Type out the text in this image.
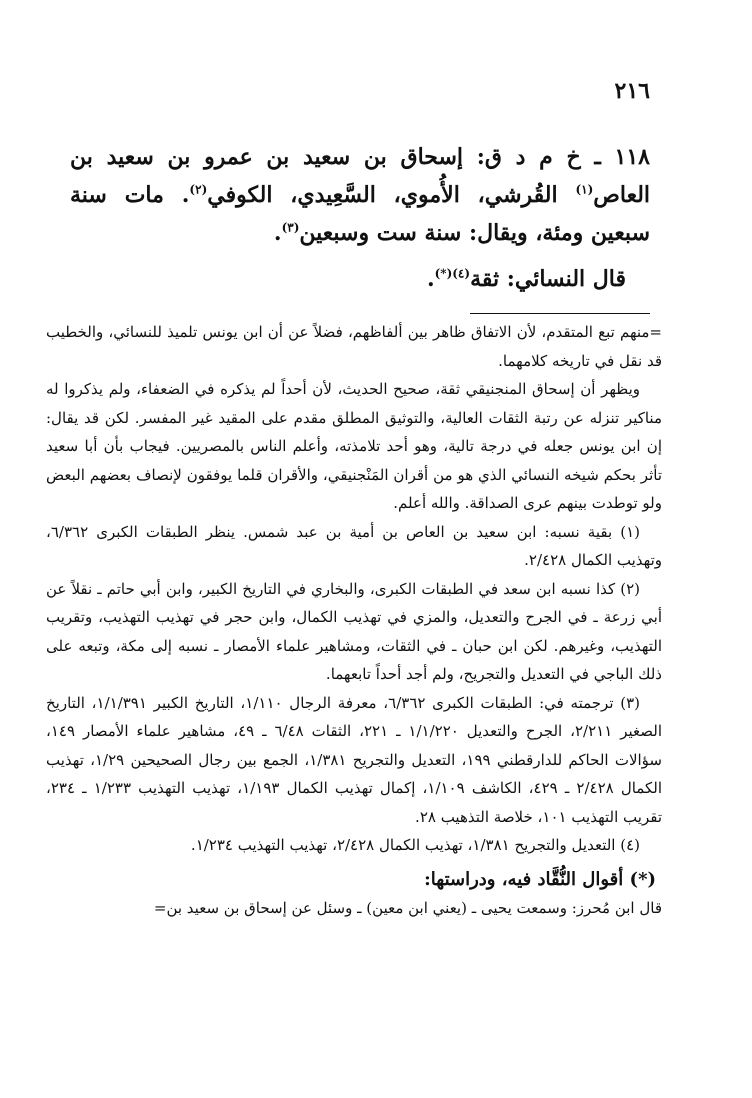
٢١٦

١١٨ ـ خ م د ق: إسحاق بن سعيد بن عمرو بن سعيد بن العاص$^{(١)}$ القُرشي، الأُموي، السَّعِيدي، الكوفي$^{(٢)}$. مات سنة سبعين ومئة، ويقال: سنة ست وسبعين$^{(٣)}$.

قال النسائي: ثقة$^{(٤)(*)}$.

=منهم تبع المتقدم، لأن الاتفاق ظاهر بين ألفاظهم، فضلاً عن أن ابن يونس تلميذ للنسائي، والخطيب قد نقل في تاريخه كلامهما.

ويظهر أن إسحاق المنجنيقي ثقة، صحيح الحديث، لأن أحداً لم يذكره في الضعفاء، ولم يذكروا له مناكير تنزله عن رتبة الثقات العالية، والتوثيق المطلق مقدم على المقيد غير المفسر. لكن قد يقال: إن ابن يونس جعله في درجة تالية، وهو أحد تلامذته، وأعلم الناس بالمصريين. فيجاب بأن أبا سعيد تأثر بحكم شيخه النسائي الذي هو من أقران المَنْجنيقي، والأقران قلما يوفقون لإنصاف بعضهم البعض ولو توطدت بينهم عرى الصداقة. والله أعلم.

(١) بقية نسبه: ابن سعيد بن العاص بن أمية بن عبد شمس. ينظر الطبقات الكبرى ٦/٣٦٢، وتهذيب الكمال ٢/٤٢٨.

(٢) كذا نسبه ابن سعد في الطبقات الكبرى، والبخاري في التاريخ الكبير، وابن أبي حاتم ـ نقلاً عن أبي زرعة ـ في الجرح والتعديل، والمزي في تهذيب الكمال، وابن حجر في تهذيب التهذيب، وتقريب التهذيب، وغيرهم. لكن ابن حبان ـ في الثقات، ومشاهير علماء الأمصار ـ نسبه إلى مكة، وتبعه على ذلك الباجي في التعديل والتجريح، ولم أجد أحداً تابعهما.

(٣) ترجمته في: الطبقات الكبرى ٦/٣٦٢، معرفة الرجال ١/١١٠، التاريخ الكبير ١/١/٣٩١، التاريخ الصغير ٢/٢١١، الجرح والتعديل ١/١/٢٢٠ ـ ٢٢١، الثقات ٦/٤٨ ـ ٤٩، مشاهير علماء الأمصار ١٤٩، سؤالات الحاكم للدارقطني ١٩٩، التعديل والتجريح ١/٣٨١، الجمع بين رجال الصحيحين ١/٢٩، تهذيب الكمال ٢/٤٢٨ ـ ٤٢٩، الكاشف ١/١٠٩، إكمال تهذيب الكمال ١/١٩٣، تهذيب التهذيب ١/٢٣٣ ـ ٢٣٤، تقريب التهذيب ١٠١، خلاصة التذهيب ٢٨.

(٤) التعديل والتجريح ١/٣٨١، تهذيب الكمال ٢/٤٢٨، تهذيب التهذيب ١/٢٣٤.

(*) أقوال النُّقَّاد فيه، ودراستها:

قال ابن مُحرز: وسمعت يحيى ـ (يعني ابن معين) ـ وسئل عن إسحاق بن سعيد بن=
